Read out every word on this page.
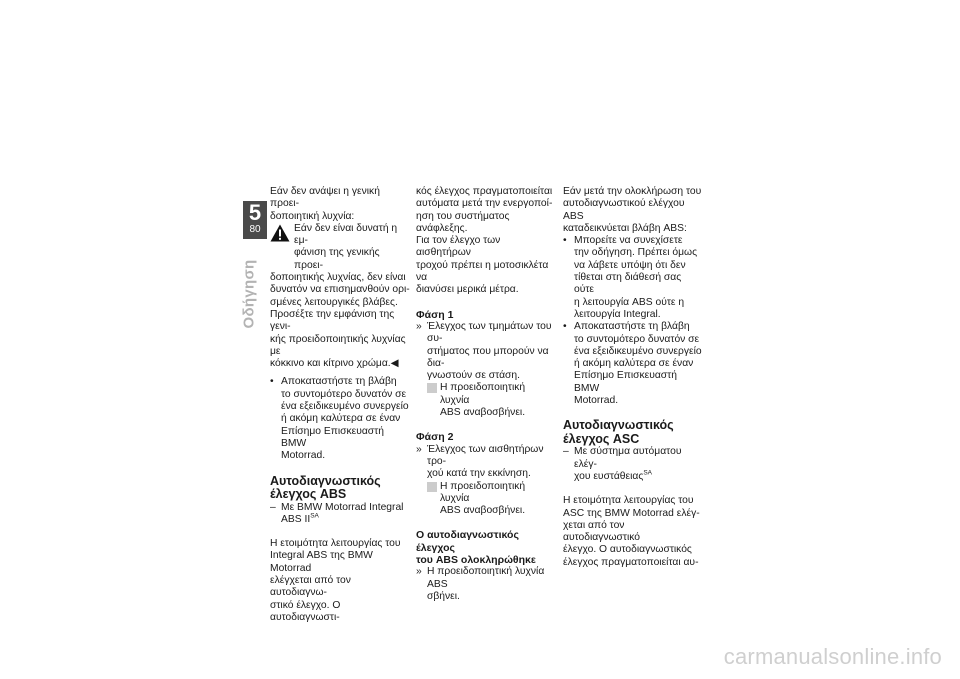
5
80
Οδήγηση

Εάν δεν ανάψει η γενική προει-

δοποιητική λυχνία:

Εάν δεν είναι δυνατή η εμ-

φάνιση της γενικής προει-

δοποιητικής λυχνίας, δεν είναι

δυνατόν να επισημανθούν ορι-

σμένες λειτουργικές βλάβες.

Προσέξτε την εμφάνιση της γενι-

κής προειδοποιητικής λυχνίας με

κόκκινο και κίτρινο χρώμα.◀

• Αποκαταστήστε τη βλάβη

το συντομότερο δυνατόν σε

ένα εξειδικευμένο συνεργείο

ή ακόμη καλύτερα σε έναν

Επίσημο Επισκευαστή BMW

Motorrad.

Αυτοδιαγνωστικός

έλεγχος ABS

– Με BMW Motorrad Integral

ABS $II^{SA}$

Η ετοιμότητα λειτουργίας του

Integral ABS της BMW Motorrad

ελέγχεται από τον αυτοδιαγνω-

στικό έλεγχο. Ο αυτοδιαγνωστι-

κός έλεγχος πραγματοποιείται

αυτόματα μετά την ενεργοποί-

ηση του συστήματος ανάφλεξης.

Για τον έλεγχο των αισθητήρων

τροχού πρέπει η μοτοσικλέτα να

διανύσει μερικά μέτρα.

Φάση 1

» Έλεγχος των τμημάτων του συ-

στήματος που μπορούν να δια-

γνωστούν σε στάση.

Η προειδοποιητική λυχνία

ABS αναβοσβήνει.

Φάση 2

» Έλεγχος των αισθητήρων τρο-

χού κατά την εκκίνηση.

Η προειδοποιητική λυχνία

ABS αναβοσβήνει.

Ο αυτοδιαγνωστικός έλεγχος

του ABS ολοκληρώθηκε

» Η προειδοποιητική λυχνία ABS

σβήνει.

Εάν μετά την ολοκλήρωση του

αυτοδιαγνωστικού ελέγχου ABS

καταδεικνύεται βλάβη ABS:

• Μπορείτε να συνεχίσετε

την οδήγηση. Πρέπει όμως

να λάβετε υπόψη ότι δεν

τίθεται στη διάθεσή σας ούτε

η λειτουργία ABS ούτε η

λειτουργία Integral.

• Αποκαταστήστε τη βλάβη

το συντομότερο δυνατόν σε

ένα εξειδικευμένο συνεργείο

ή ακόμη καλύτερα σε έναν

Επίσημο Επισκευαστή BMW

Motorrad.

Αυτοδιαγνωστικός

έλεγχος ASC

– Με σύστημα αυτόματου ελέγ-

χου ευστάθειας$^{SA}$

Η ετοιμότητα λειτουργίας του

ASC της BMW Motorrad ελέγ-

χεται από τον αυτοδιαγνωστικό

έλεγχο. Ο αυτοδιαγνωστικός

έλεγχος πραγματοποιείται αυ-

carmanualsonline.info
